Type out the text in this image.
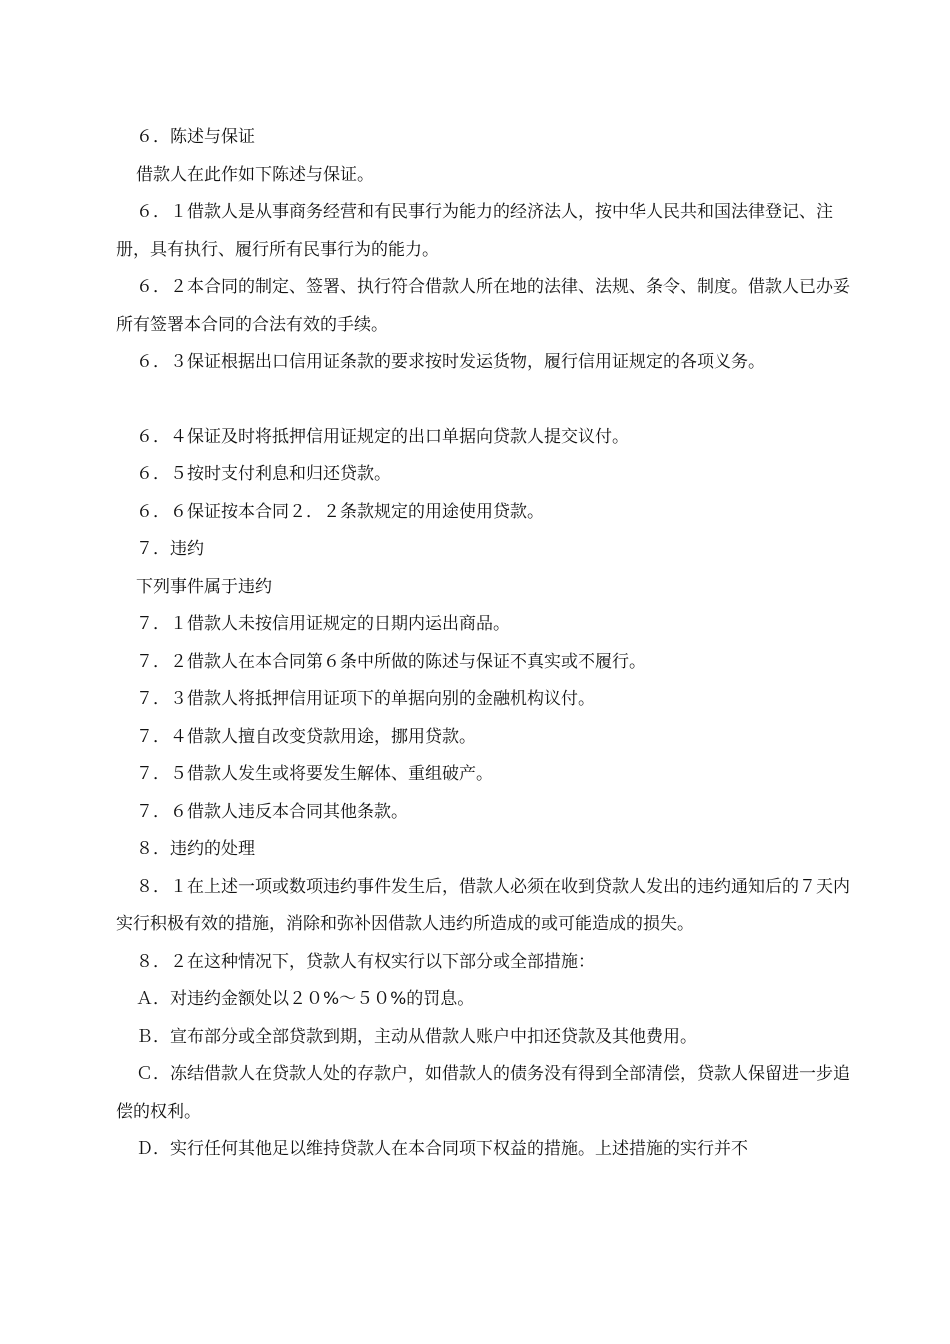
６．陈述与保证

借款人在此作如下陈述与保证。

６．１借款人是从事商务经营和有民事行为能力的经济法人，按中华人民共和国法律登记、注册，具有执行、履行所有民事行为的能力。

６．２本合同的制定、签署、执行符合借款人所在地的法律、法规、条令、制度。借款人已办妥所有签署本合同的合法有效的手续。

６．３保证根据出口信用证条款的要求按时发运货物，履行信用证规定的各项义务。

６．４保证及时将抵押信用证规定的出口单据向贷款人提交议付。

６．５按时支付利息和归还贷款。

６．６保证按本合同２．２条款规定的用途使用贷款。

７．违约

下列事件属于违约

７．１借款人未按信用证规定的日期内运出商品。

７．２借款人在本合同第６条中所做的陈述与保证不真实或不履行。

７．３借款人将抵押信用证项下的单据向别的金融机构议付。

７．４借款人擅自改变贷款用途，挪用贷款。

７．５借款人发生或将要发生解体、重组破产。

７．６借款人违反本合同其他条款。

８．违约的处理

８．１在上述一项或数项违约事件发生后，借款人必须在收到贷款人发出的违约通知后的７天内实行积极有效的措施，消除和弥补因借款人违约所造成的或可能造成的损失。

８．２在这种情况下，贷款人有权实行以下部分或全部措施：

Ａ．对违约金额处以２０%～５０%的罚息。

Ｂ．宣布部分或全部贷款到期，主动从借款人账户中扣还贷款及其他费用。

Ｃ．冻结借款人在贷款人处的存款户，如借款人的债务没有得到全部清偿，贷款人保留进一步追偿的权利。

Ｄ．实行任何其他足以维持贷款人在本合同项下权益的措施。上述措施的实行并不
